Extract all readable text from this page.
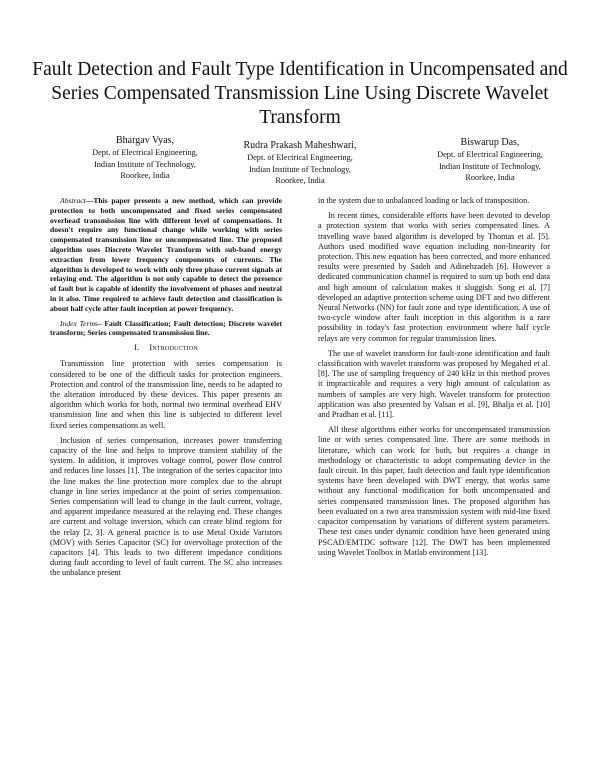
Fault Detection and Fault Type Identification in Uncompensated and Series Compensated Transmission Line Using Discrete Wavelet Transform
Bhargav Vyas,
Dept. of Electrical Engineering,
Indian Institute of Technology,
Roorkee, India
Rudra Prakash Maheshwari,
Dept. of Electrical Engineering,
Indian Institute of Technology,
Roorkee, India
Biswarup Das,
Dept. of Electrical Engineering,
Indian Institute of Technology,
Roorkee, India

Abstract—This paper presents a new method, which can provide protection to both uncompensated and fixed series compensated overhead transmission line with different level of compensations. It doesn't require any functional change while working with series compensated transmission line or uncompensated line. The proposed algorithm uses Discrete Wavelet Transform with sub-band energy extraction from lower frequency components of currents. The algorithm is developed to work with only three phase current signals at relaying end. The algorithm is not only capable to detect the presence of fault but is capable of identify the involvement of phases and neutral in it also. Time required to achieve fault detection and classification is about half cycle after fault inception at power frequency.

Index Terms– Fault Classification; Fault detection; Discrete wavelet transform; Series compensated transmission line.

I. Introduction

Transmission line protection with series compensation is considered to be one of the difficult tasks for protection engineers. Protection and control of the transmission line, needs to be adapted to the alteration introduced by these devices. This paper presents an algorithm which works for both, normal two terminal overhead EHV transmission line and when this line is subjected to different level fixed series compensations as well.

Inclusion of series compensation, increases power transferring capacity of the line and helps to improve transient stability of the system. In addition, it improves voltage control, power flow control and reduces line losses [1]. The integration of the series capacitor into the line makes the line protection more complex due to the abrupt change in line series impedance at the point of series compensation. Series compensation will lead to change in the fault current, voltage, and apparent impedance measured at the relaying end. These changes are current and voltage inversion, which can create blind regions for the relay [2, 3]. A general practice is to use Metal Oxide Varistors (MOV) with Series Capacitor (SC) for overvoltage protection of the capacitors [4]. This leads to two different impedance conditions during fault according to level of fault current. The SC also increases the unbalance present

in the system due to unbalanced loading or lack of transposition.

In recent times, considerable efforts have been devoted to develop a protection system that works with series compensated lines. A travelling wave based algorithm is developed by Thomas et al. [5]. Authors used modified wave equation including non-linearity for protection. This new equation has been corrected, and more enhanced results were presented by Sadeh and Adinehzadeh [6]. However a dedicated communication channel is required to sum up both end data and high amount of calculation makes it sluggish. Song et al. [7] developed an adaptive protection scheme using DFT and two different Neural Networks (NN) for fault zone and type identification. A use of two-cycle window after fault inception in this algorithm is a rare possibility in today's fast protection environment where half cycle relays are very common for regular transmission lines.

The use of wavelet transform for fault-zone identification and fault classification with wavelet transform was proposed by Megahed et al. [8]. The use of sampling frequency of 240 kHz in this method proves it impracticable and requires a very high amount of calculation as numbers of samples are very high. Wavelet transform for protection application was also presented by Valsan et al. [9], Bhalja et al. [10] and Pradhan et al. [11].

All these algorithms either works for uncompensated transmission line or with series compensated line. There are some methods in literature, which can work for both, but requires a change in methodology or characteristic to adopt compensating device in the fault circuit. In this paper, fault detection and fault type identification systems have been developed with DWT energy, that works same without any functional modification for both uncompensated and series compensated transmission lines. The proposed algorithm has been evaluated on a two area transmission system with mid-line fixed capacitor compensation by variations of different system parameters. These test cases under dynamic condition have been generated using PSCAD/EMTDC software [12]. The DWT has been implemented using Wavelet Toolbox in Matlab environment [13].
